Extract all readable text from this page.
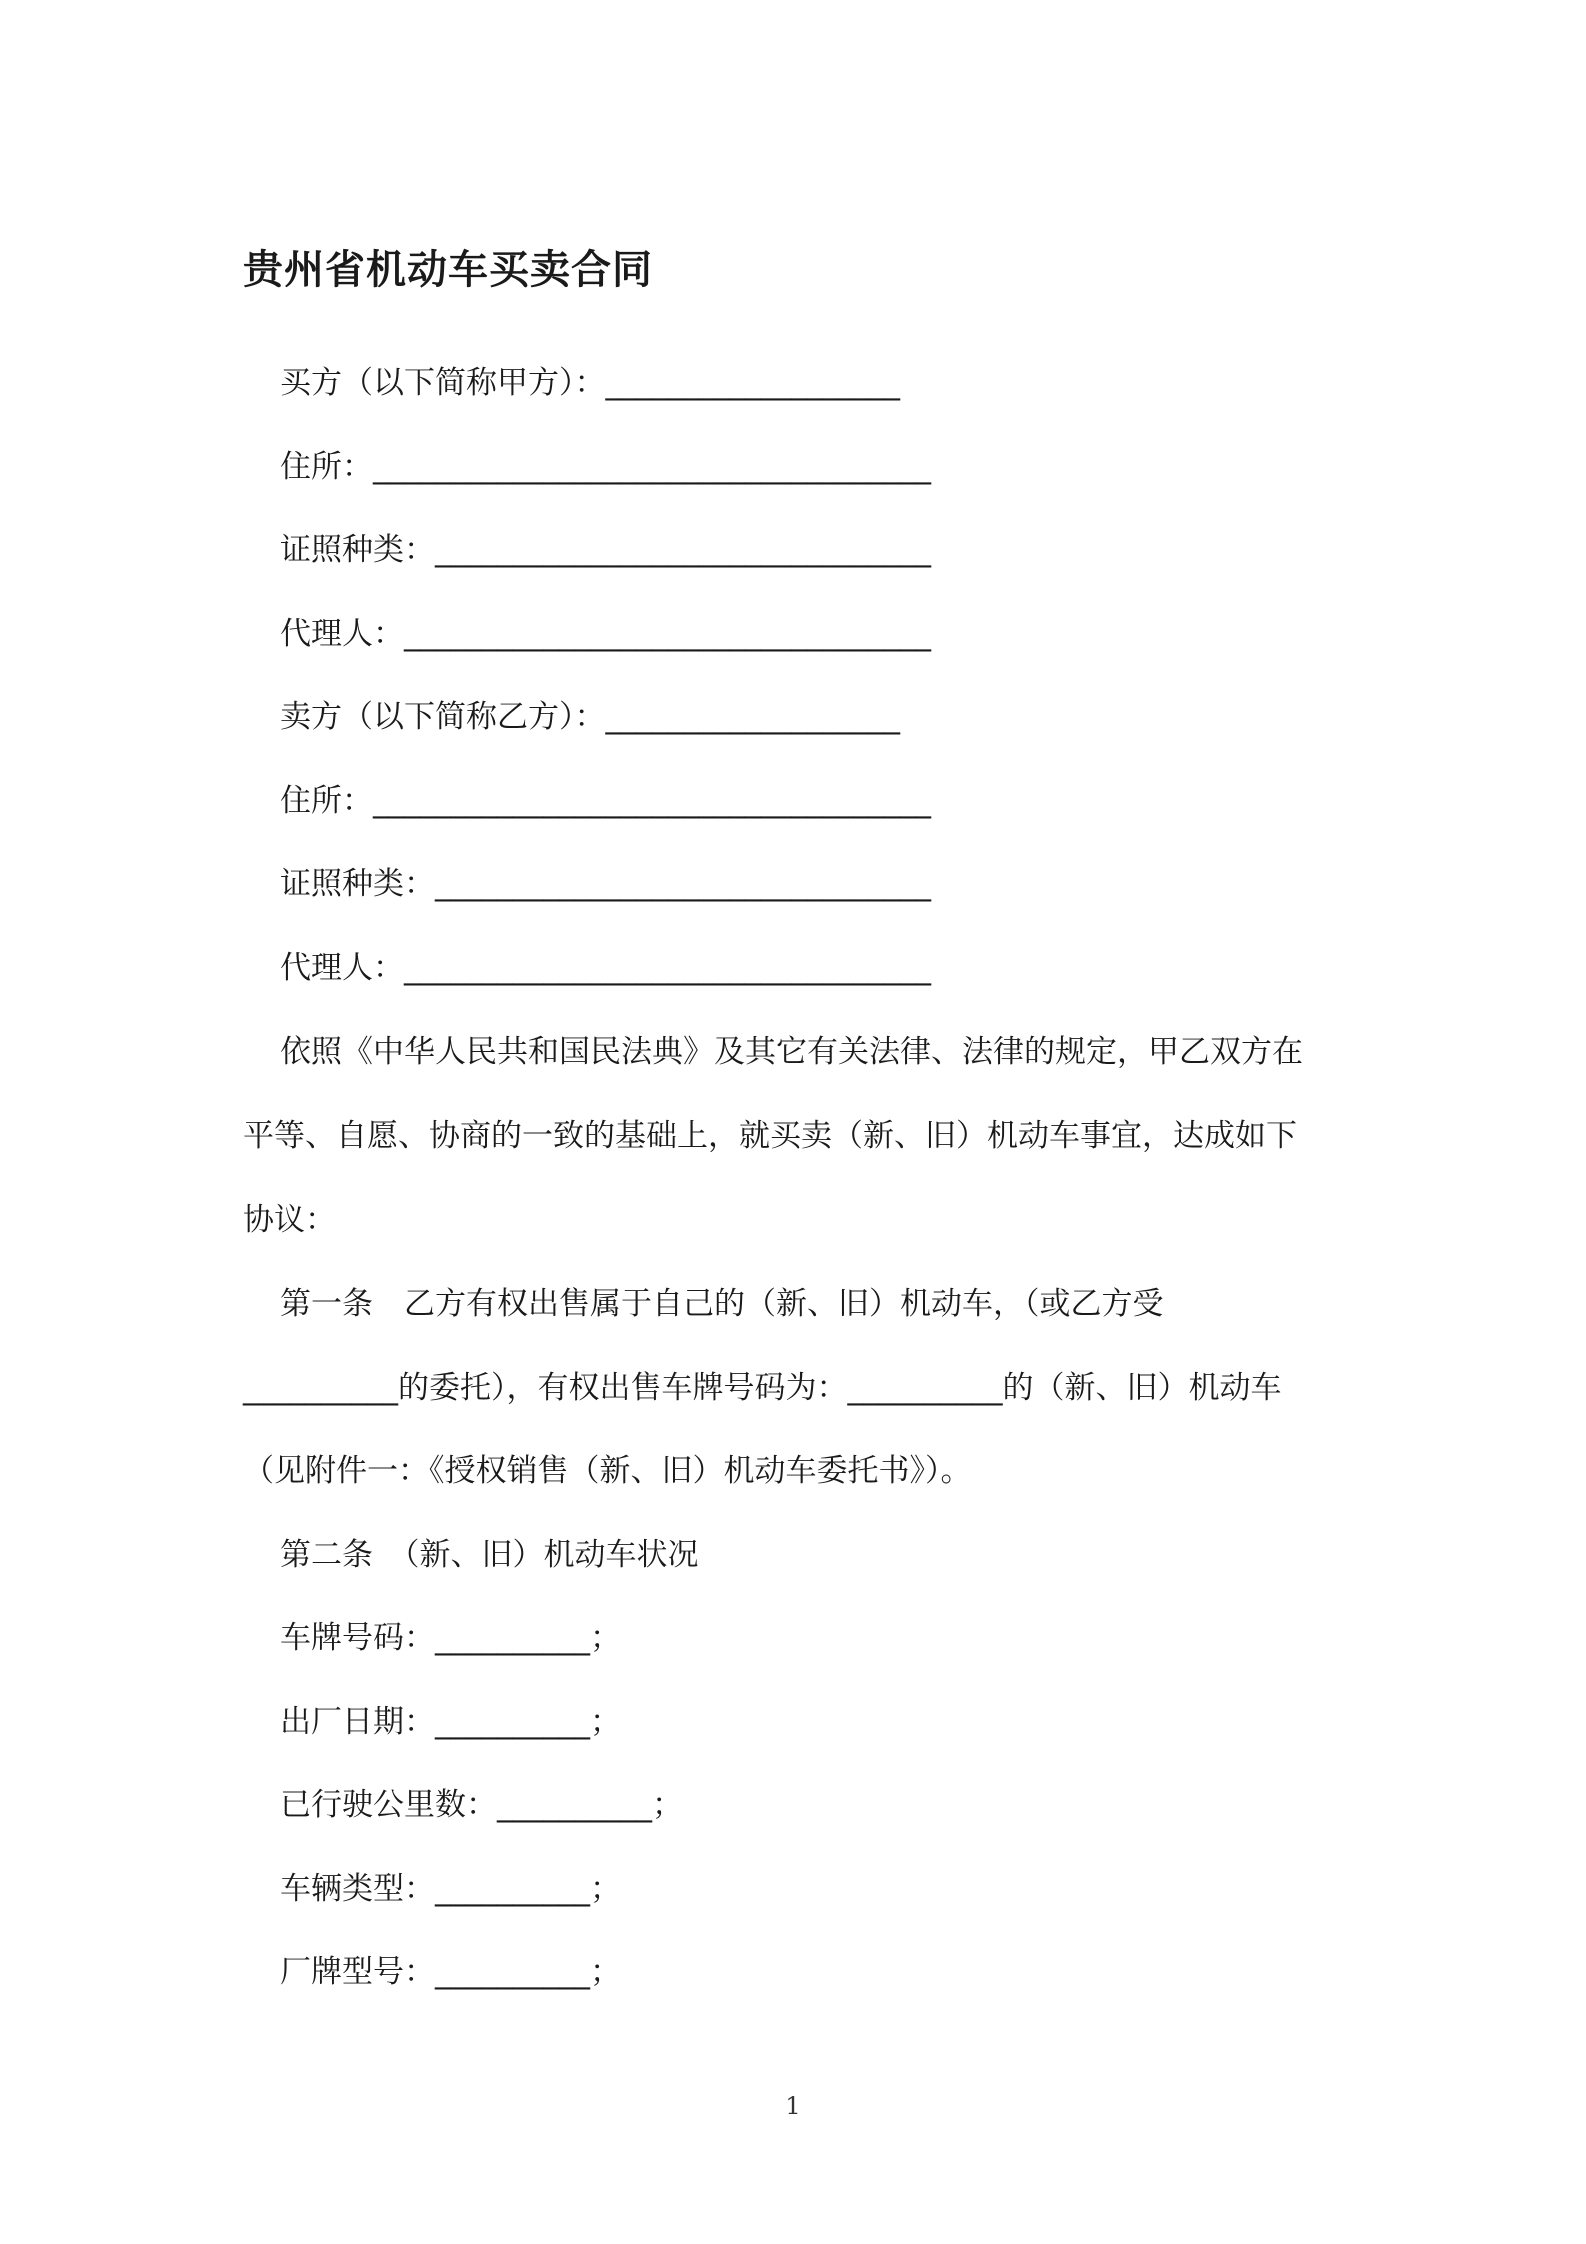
贵州省机动车买卖合同
买方（以下简称甲方）：___________________
住所：____________________________________
证照种类：________________________________
代理人：__________________________________
卖方（以下简称乙方）：___________________
住所：____________________________________
证照种类：________________________________
代理人：__________________________________
依照《中华人民共和国民法典》及其它有关法律、法律的规定，甲乙双方在
平等、自愿、协商的一致的基础上，就买卖（新、旧）机动车事宜，达成如下
协议：
第一条　乙方有权出售属于自己的（新、旧）机动车，（或乙方受
__________的委托），有权出售车牌号码为：__________的（新、旧）机动车
（见附件一：《授权销售（新、旧）机动车委托书》）。
第二条　（新、旧）机动车状况
车牌号码：__________；
出厂日期：__________；
已行驶公里数：__________；
车辆类型：__________；
厂牌型号：__________；
1
